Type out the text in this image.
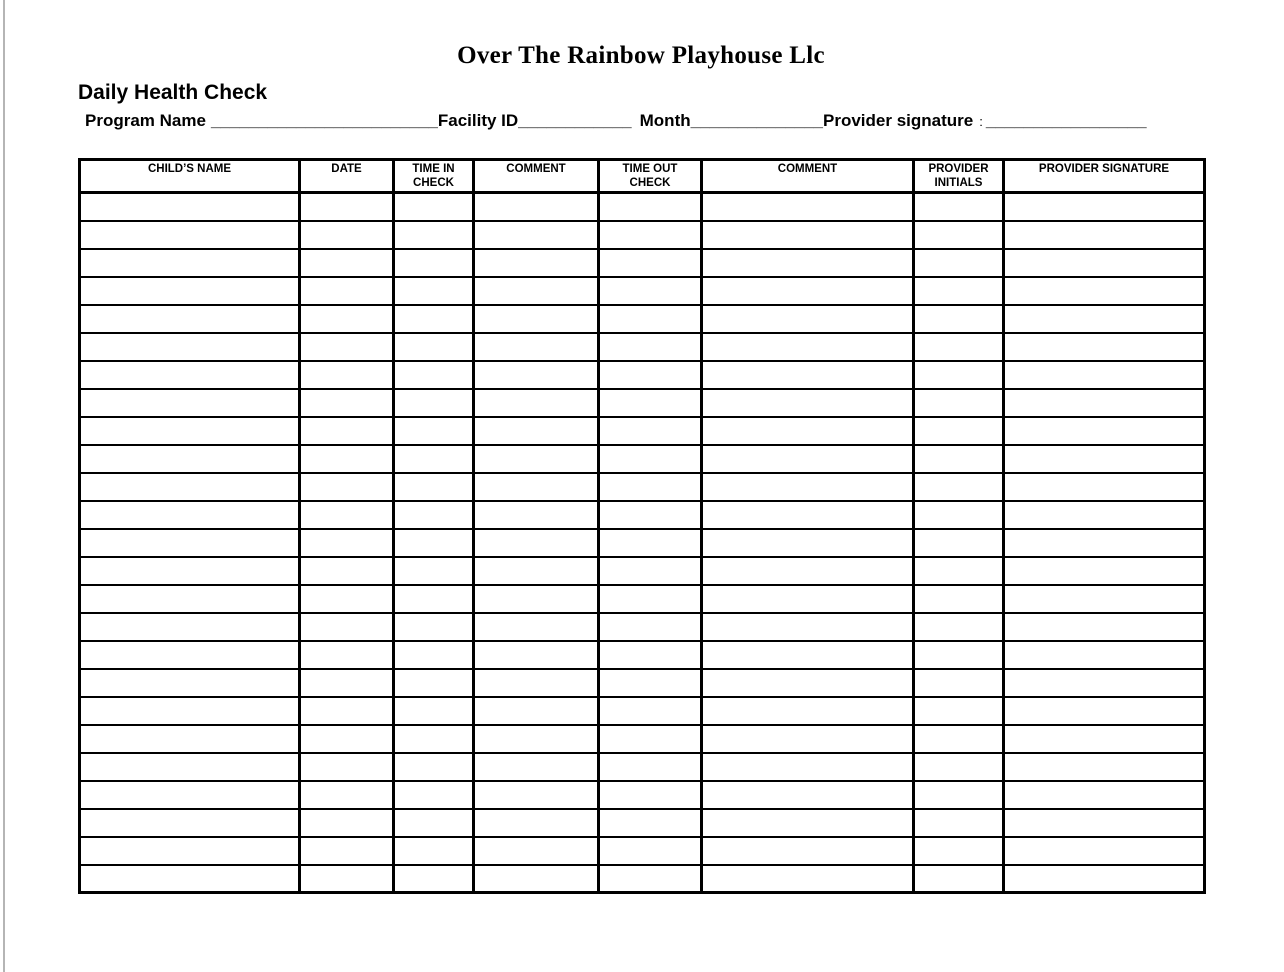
Over The Rainbow Playhouse Llc
Daily Health Check
Program Name ________________________Facility ID____________ Month______________Provider signature : _________________
CHILD’S NAME	DATE	TIME IN CHECK	COMMENT	TIME OUT CHECK	COMMENT	PROVIDER INITIALS	PROVIDER SIGNATURE
